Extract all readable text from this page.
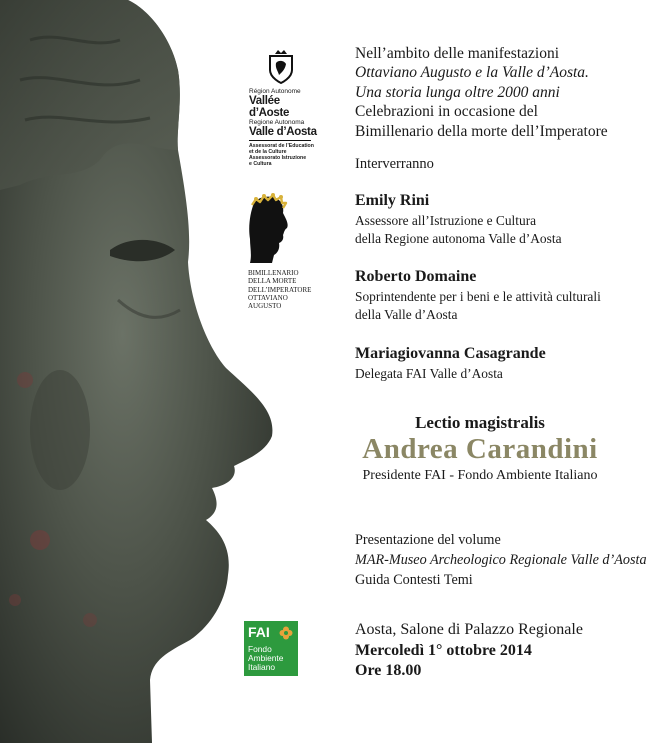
Région Autonome
Vallée d’Aoste
Regione Autonoma
Valle d’Aosta
Assessorat de l’Education
et de la Culture
Assessorato Istruzione
e Cultura
BIMILLENARIO
DELLA MORTE
DELL’IMPERATORE
OTTAVIANO
AUGUSTO
FAI
Fondo
Ambiente
Italiano
Nell’ambito delle manifestazioni
Ottaviano Augusto e la Valle d’Aosta.
Una storia lunga oltre 2000 anni
Celebrazioni in occasione del
Bimillenario della morte dell’Imperatore
Interverranno
Emily Rini
Assessore all’Istruzione e Cultura
della Regione autonoma Valle d’Aosta
Roberto Domaine
Soprintendente per i beni e le attività culturali
della Valle d’Aosta
Mariagiovanna Casagrande
Delegata FAI Valle d’Aosta
Lectio magistralis
Andrea Carandini
Presidente FAI - Fondo Ambiente Italiano
Presentazione del volume
MAR-Museo Archeologico Regionale Valle d’Aosta
Guida Contesti Temi
Aosta, Salone di Palazzo Regionale
Mercoledì 1° ottobre 2014
Ore 18.00
